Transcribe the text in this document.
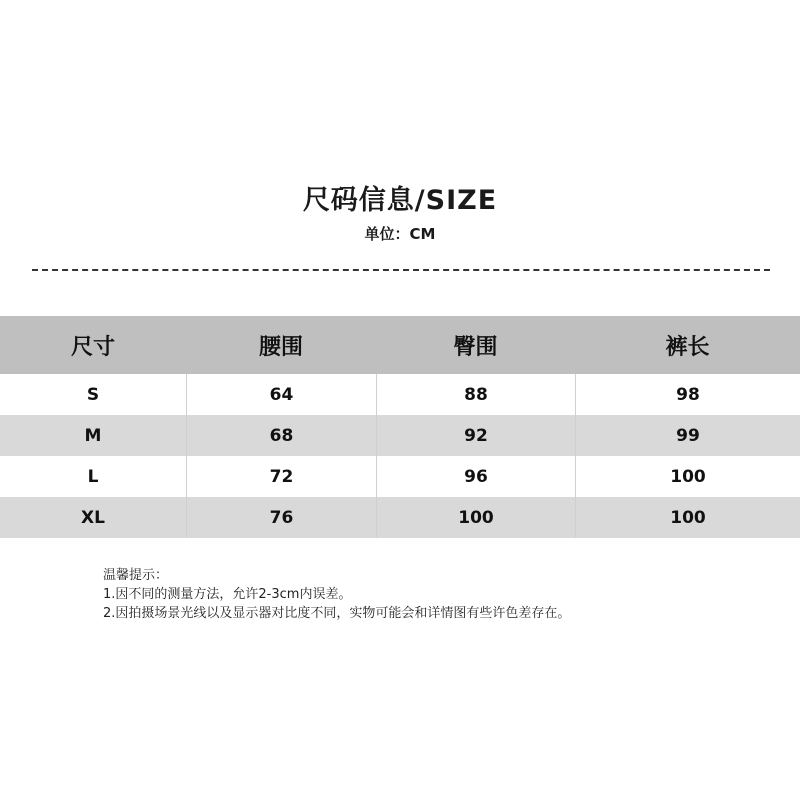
尺码信息/SIZE
单位：CM
尺寸	腰围	臀围	裤长
S	64	88	98
M	68	92	99
L	72	96	100
XL	76	100	100
温馨提示：
1.因不同的测量方法，允许2-3cm内误差。
2.因拍摄场景光线以及显示器对比度不同，实物可能会和详情图有些许色差存在。
